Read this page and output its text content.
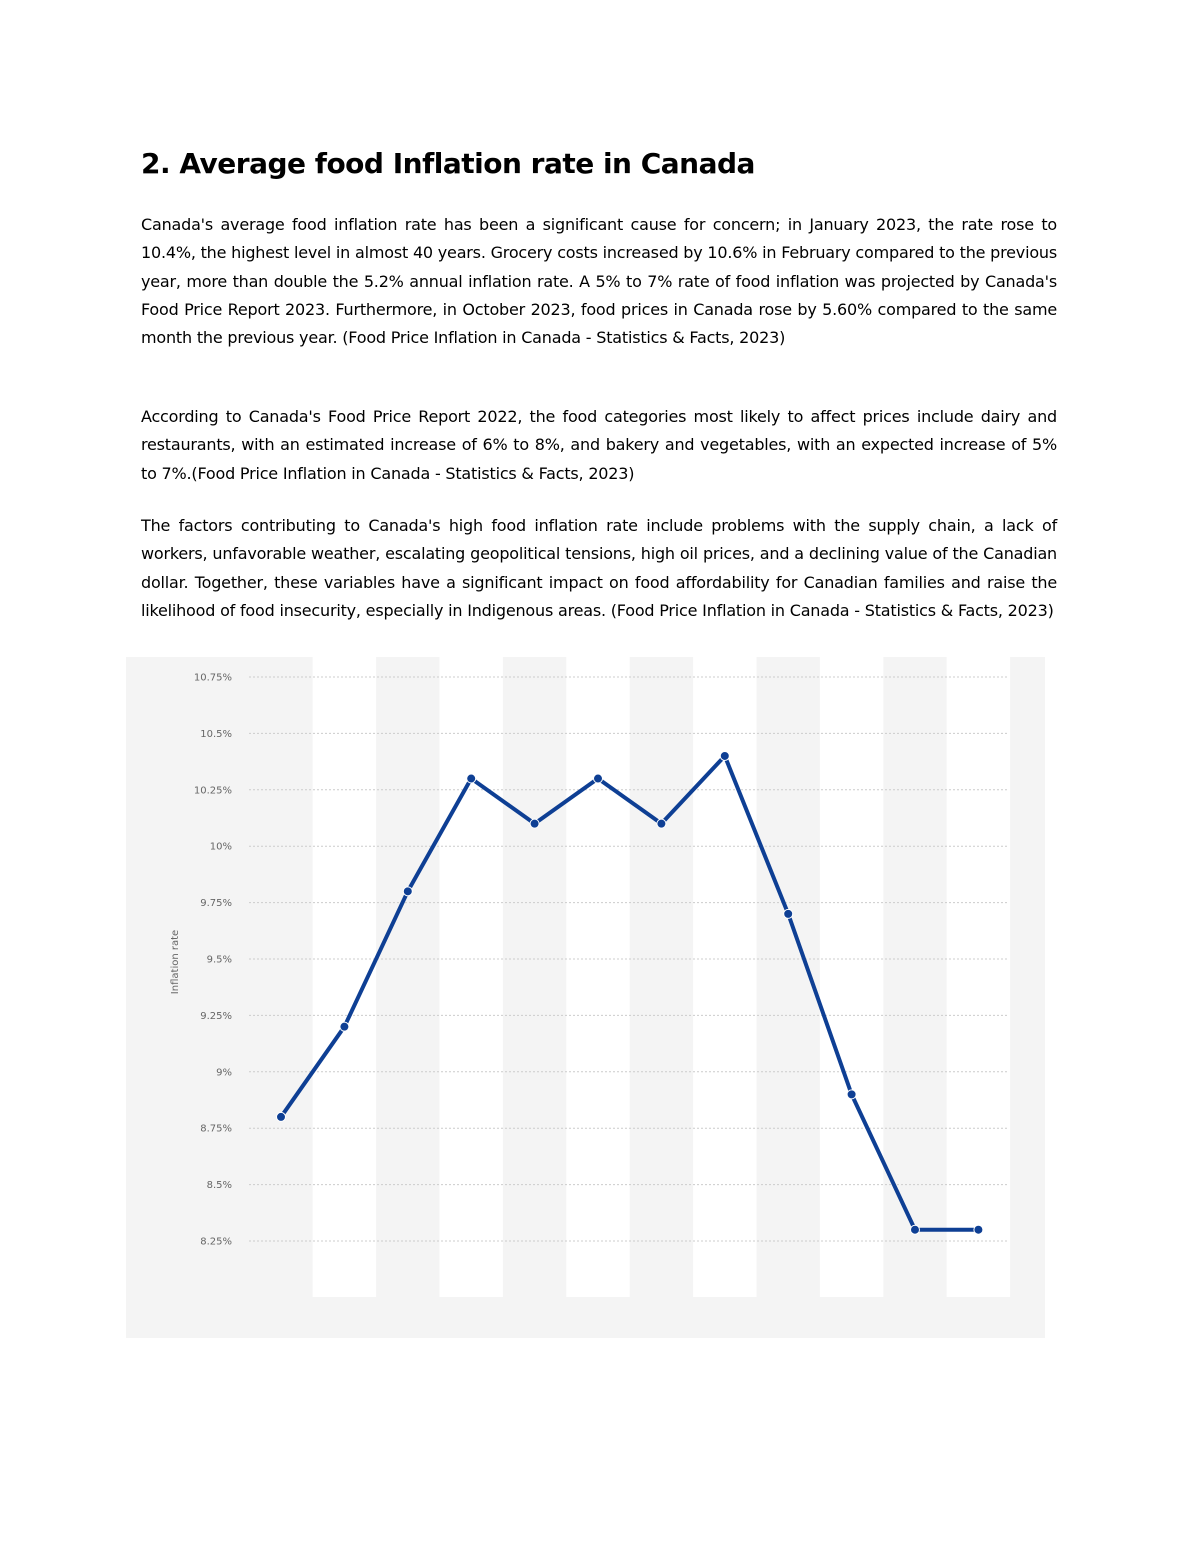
2. Average food Inflation rate in Canada

Canada's average food inflation rate has been a significant cause for concern; in January 2023, the rate rose to 10.4%, the highest level in almost 40 years. Grocery costs increased by 10.6% in February compared to the previous year, more than double the 5.2% annual inflation rate. A 5% to 7% rate of food inflation was projected by Canada's Food Price Report 2023. Furthermore, in October 2023, food prices in Canada rose by 5.60% compared to the same month the previous year. (Food Price Inflation in Canada - Statistics & Facts, 2023)

According to Canada's Food Price Report 2022, the food categories most likely to affect prices include dairy and restaurants, with an estimated increase of 6% to 8%, and bakery and vegetables, with an expected increase of 5% to 7%.(Food Price Inflation in Canada - Statistics & Facts, 2023)

The factors contributing to Canada's high food inflation rate include problems with the supply chain, a lack of workers, unfavorable weather, escalating geopolitical tensions, high oil prices, and a declining value of the Canadian dollar. Together, these variables have a significant impact on food affordability for Canadian families and raise the likelihood of food insecurity, especially in Indigenous areas. (Food Price Inflation in Canada - Statistics & Facts, 2023)

8.25%
8.5%
8.75%
9%
9.25%
9.5%
9.75%
10%
10.25%
10.5%
10.75%
Inflation rate
